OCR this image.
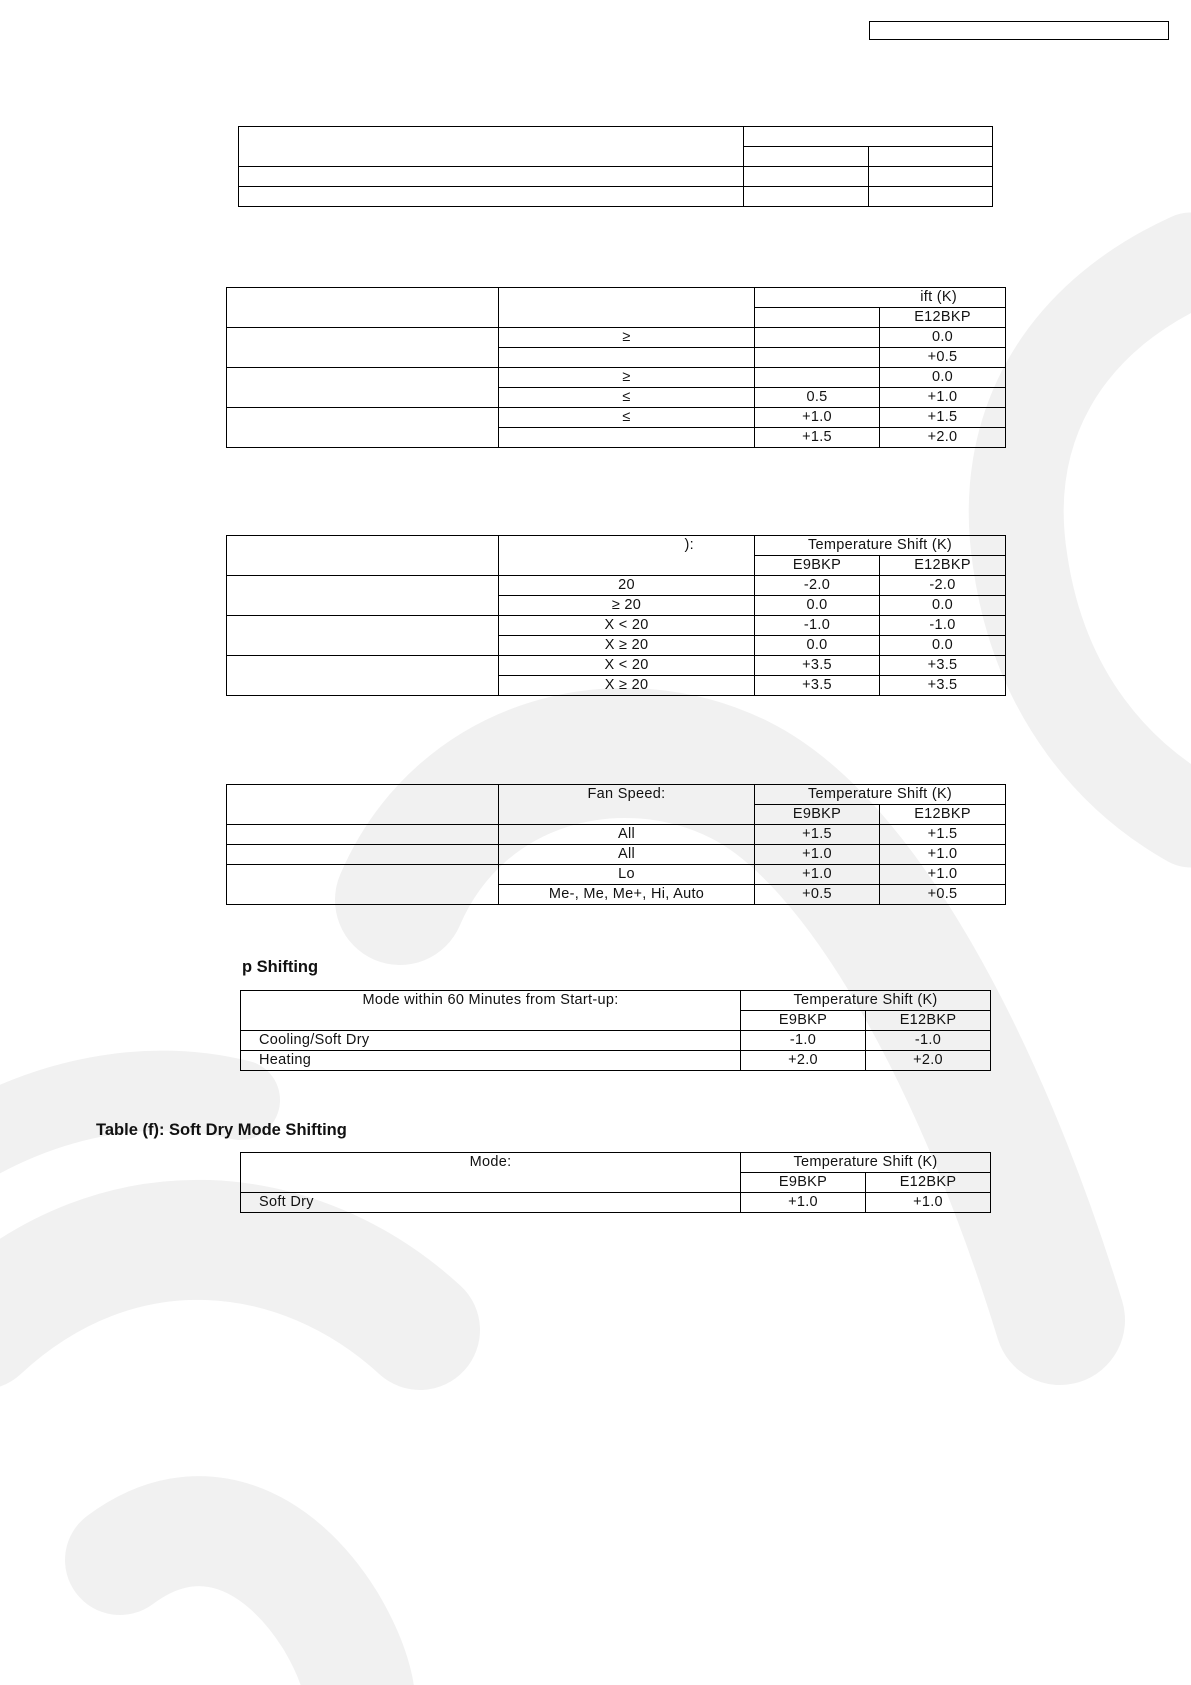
		ift (K)	
			E12BKP
	≥		0.0
			+0.5
	≥		0.0
	≤	0.5	+1.0
	≤	+1.0	+1.5
		+1.5	+2.0
	):	Temperature Shift (K)	
		E9BKP	E12BKP
	20	-2.0	-2.0
	≥ 20	0.0	0.0
	X < 20	-1.0	-1.0
	X ≥ 20	0.0	0.0
	X < 20	+3.5	+3.5
	X ≥ 20	+3.5	+3.5
	Fan Speed:	Temperature Shift (K)	
		E9BKP	E12BKP
	All	+1.5	+1.5
	All	+1.0	+1.0
	Lo	+1.0	+1.0
	Me-, Me, Me+, Hi, Auto	+0.5	+0.5
p Shifting
Mode within 60 Minutes from Start-up:	Temperature Shift (K)	
	E9BKP	E12BKP
Cooling/Soft Dry	-1.0	-1.0
Heating	+2.0	+2.0
Table (f): Soft Dry Mode Shifting
Mode:	Temperature Shift (K)	
	E9BKP	E12BKP
Soft Dry	+1.0	+1.0
